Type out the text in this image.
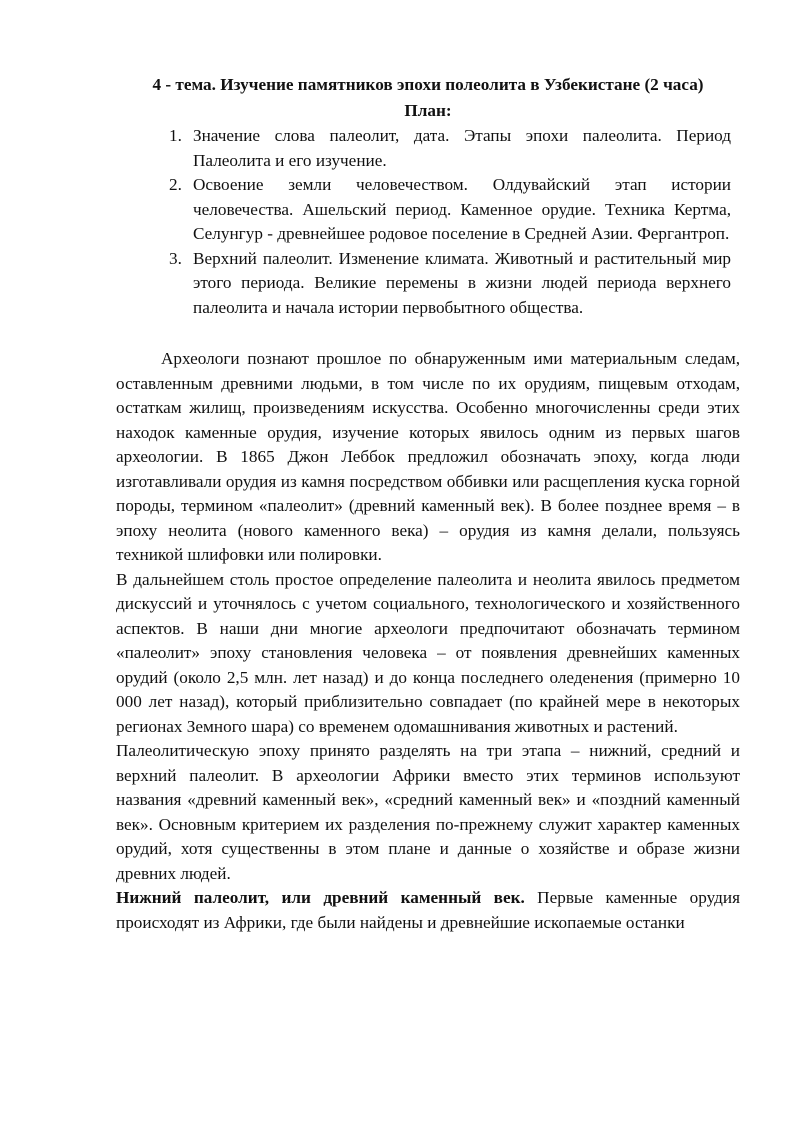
4 - тема. Изучение памятников эпохи полеолита в Узбекистане (2 часа)

План:

1. Значение слова палеолит, дата. Этапы эпохи палеолита. Период Палеолита и его изучение.
2. Освоение земли человечеством. Олдувайский этап истории человечества. Ашельский период. Каменное орудие. Техника Кертма, Селунгур - древнейшее родовое поселение в Средней Азии. Фергантроп.
3. Верхний палеолит. Изменение климата. Животный и растительный мир этого периода. Великие перемены в жизни людей периода верхнего палеолита и начала истории первобытного общества.

Археологи познают прошлое по обнаруженным ими материальным следам, оставленным древними людьми, в том числе по их орудиям, пищевым отходам, остаткам жилищ, произведениям искусства. Особенно многочисленны среди этих находок каменные орудия, изучение которых явилось одним из первых шагов археологии. В 1865 Джон Леббок предложил обозначать эпоху, когда люди изготавливали орудия из камня посредством оббивки или расщепления куска горной породы, термином «палеолит» (древний каменный век). В более позднее время – в эпоху неолита (нового каменного века) – орудия из камня делали, пользуясь техникой шлифовки или полировки.

В дальнейшем столь простое определение палеолита и неолита явилось предметом дискуссий и уточнялось с учетом социального, технологического и хозяйственного аспектов. В наши дни многие археологи предпочитают обозначать термином «палеолит» эпоху становления человека – от появления древнейших каменных орудий (около 2,5 млн. лет назад) и до конца последнего оледенения (примерно 10 000 лет назад), который приблизительно совпадает (по крайней мере в некоторых регионах Земного шара) со временем одомашнивания животных и растений.

Палеолитическую эпоху принято разделять на три этапа – нижний, средний и верхний палеолит. В археологии Африки вместо этих терминов используют названия «древний каменный век», «средний каменный век» и «поздний каменный век». Основным критерием их разделения по-прежнему служит характер каменных орудий, хотя существенны в этом плане и данные о хозяйстве и образе жизни древних людей.

Нижний палеолит, или древний каменный век. Первые каменные орудия происходят из Африки, где были найдены и древнейшие ископаемые останки
